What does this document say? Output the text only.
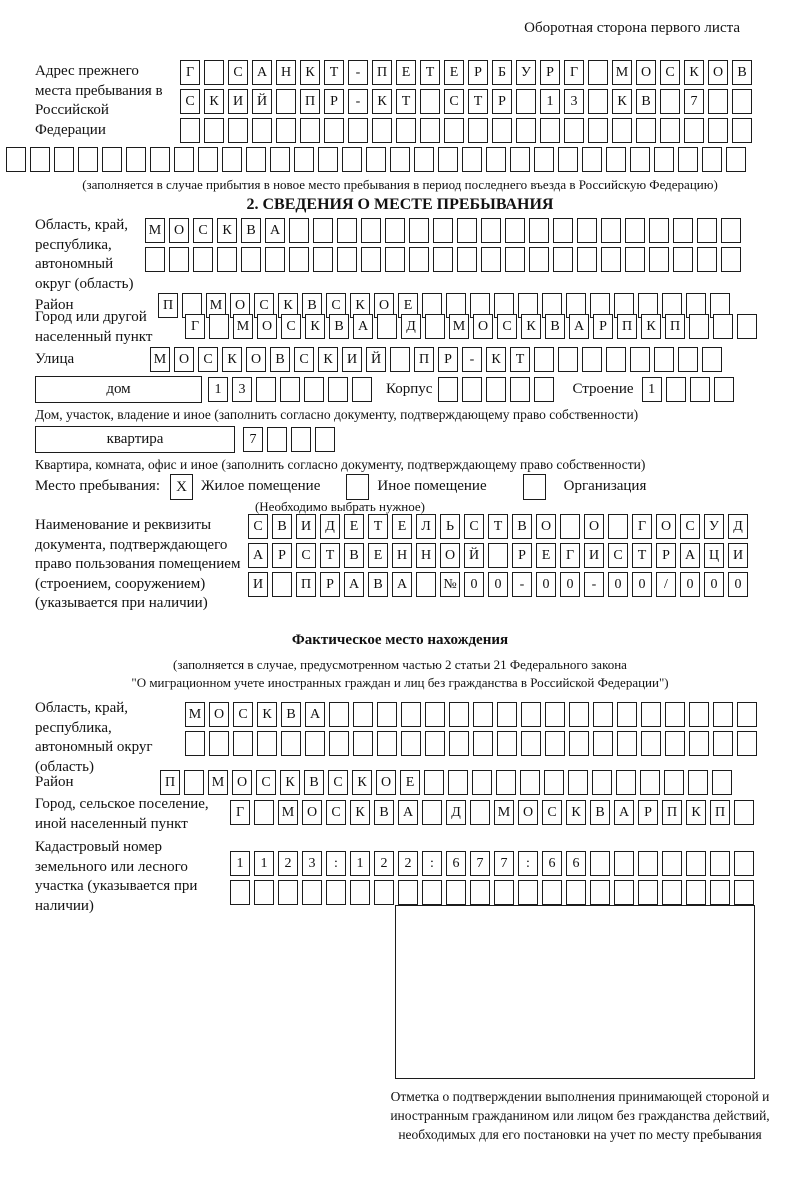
Оборотная сторона первого листа
Адрес прежнего места пребывания в Российской Федерации
Г	С	А Н	К	Т	-	П	Е	Т	Е	Р	Б	У	Р	Г	М О	С	К	О	В
С	К	И Й	П	Р	-	К	Т	С	Т	Р	1	3	К	В	7
(заполняется в случае прибытия в новое место пребывания в период последнего въезда в Российскую Федерацию)
2. СВЕДЕНИЯ О МЕСТЕ ПРЕБЫВАНИЯ
Область, край, республика, автономный округ (область)
М О	С	К	В	А
Район	П	М О	С	К	В	С	К	О	Е
Город или другой населенный пункт
Г	М О	С	К	В	А	Д	М О	С	К	В	А	Р	П	К	П
Улица	М О	С	К	О	В	С	К	И Й	П	Р	-	К	Т
дом	1	3	Корпус	Строение	1
Дом, участок, владение и иное (заполнить согласно документу, подтверждающему право собственности)
квартира	7
Квартира, комната, офис и иное (заполнить согласно документу, подтверждающему право собственности)
Место пребывания:	X Жилое помещение	Иное помещение	Организация
(Необходимо выбрать нужное)
Наименование и реквизиты документа, подтверждающего право пользования помещением (строением, сооружением) (указывается при наличии)
С	В	И	Д	Е	Т	Е	Л	Ь	С	Т	В	О	О	Г	О	С	У	Д
А	Р	С	Т	В	Е	Н Н О Й	Р	Е	Г	И	С	Т	Р	А Ц И
И	П	Р	А	В	А	№ 0	0	-	0	0	-	0	0	/	0	0	0
Фактическое место нахождения
(заполняется в случае, предусмотренном частью 2 статьи 21 Федерального закона
"О миграционном учете иностранных граждан и лиц без гражданства в Российской Федерации")
Область, край, республика, автономный округ (область)
М О	С	К	В	А
Район	П	М О	С	К	В	С	К	О	Е
Город, сельское поселение, иной населенный пункт
Г	М О	С	К	В	А	Д	М О	С	К	В	А	Р	П	К	П
Кадастровый номер земельного или лесного участка (указывается при наличии)
1	1	2	3	:	1	2	2	:	6	7	7	:	6	6
Отметка о подтверждении выполнения принимающей стороной и иностранным гражданином или лицом без гражданства действий, необходимых для его постановки на учет по месту пребывания
